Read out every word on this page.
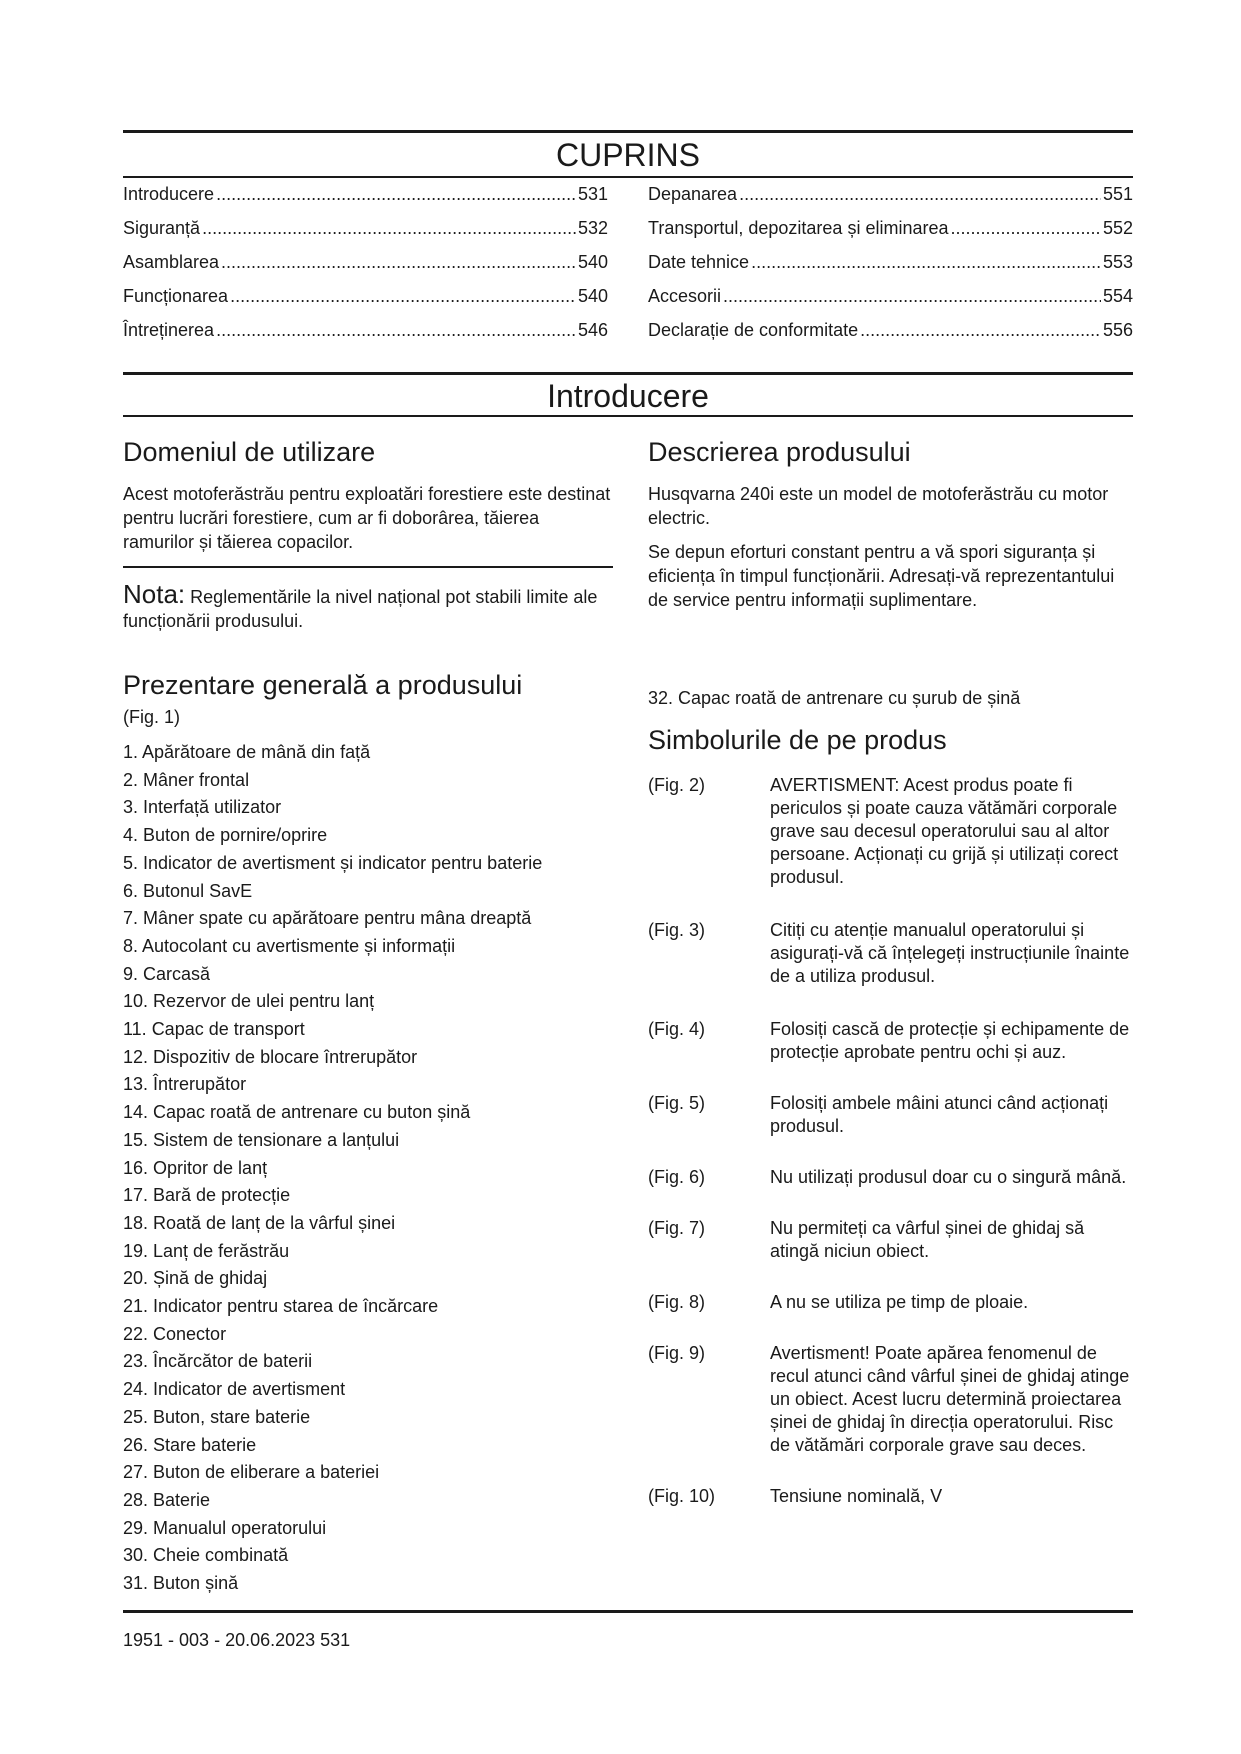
CUPRINS
Introducere .....	531
Siguranță .....	532
Asamblarea .....	540
Funcționarea .....	540
Întreținerea .....	546
Depanarea .....	551
Transportul, depozitarea și eliminarea .....	552
Date tehnice .....	553
Accesorii .....	554
Declarație de conformitate .....	556
Introducere
Domeniul de utilizare

Acest motoferăstrău pentru exploatări forestiere este destinat pentru lucrări forestiere, cum ar fi doborârea, tăierea ramurilor și tăierea copacilor.

Nota: Reglementările la nivel național pot stabili limite ale funcționării produsului.

Prezentare generală a produsului

(Fig. 1)

1. Apărătoare de mână din față
2. Mâner frontal
3. Interfață utilizator
4. Buton de pornire/oprire
5. Indicator de avertisment și indicator pentru baterie
6. Butonul SavE
7. Mâner spate cu apărătoare pentru mâna dreaptă
8. Autocolant cu avertismente și informații
9. Carcasă
10. Rezervor de ulei pentru lanț
11. Capac de transport
12. Dispozitiv de blocare întrerupător
13. Întrerupător
14. Capac roată de antrenare cu buton șină
15. Sistem de tensionare a lanțului
16. Opritor de lanț
17. Bară de protecție
18. Roată de lanț de la vârful șinei
19. Lanț de ferăstrău
20. Șină de ghidaj
21. Indicator pentru starea de încărcare
22. Conector
23. Încărcător de baterii
24. Indicator de avertisment
25. Buton, stare baterie
26. Stare baterie
27. Buton de eliberare a bateriei
28. Baterie
29. Manualul operatorului
30. Cheie combinată
31. Buton șină
Descrierea produsului

Husqvarna 240i este un model de motoferăstrău cu motor electric.

Se depun eforturi constant pentru a vă spori siguranța și eficiența în timpul funcționării. Adresați-vă reprezentantului de service pentru informații suplimentare.

32. Capac roată de antrenare cu șurub de șină

Simbolurile de pe produs
(Fig. 2)	AVERTISMENT: Acest produs poate fi periculos și poate cauza vătămări corporale grave sau decesul operatorului sau al altor persoane. Acționați cu grijă și utilizați corect produsul.
(Fig. 3)	Citiți cu atenție manualul operatorului și asigurați-vă că înțelegeți instrucțiunile înainte de a utiliza produsul.
(Fig. 4)	Folosiți cască de protecție și echipamente de protecție aprobate pentru ochi și auz.
(Fig. 5)	Folosiți ambele mâini atunci când acționați produsul.
(Fig. 6)	Nu utilizați produsul doar cu o singură mână.
(Fig. 7)	Nu permiteți ca vârful șinei de ghidaj să atingă niciun obiect.
(Fig. 8)	A nu se utiliza pe timp de ploaie.
(Fig. 9)	Avertisment! Poate apărea fenomenul de recul atunci când vârful șinei de ghidaj atinge un obiect. Acest lucru determină proiectarea șinei de ghidaj în direcția operatorului. Risc de vătămări corporale grave sau deces.
(Fig. 10)	Tensiune nominală, V
1951 - 003 - 20.06.2023 531
